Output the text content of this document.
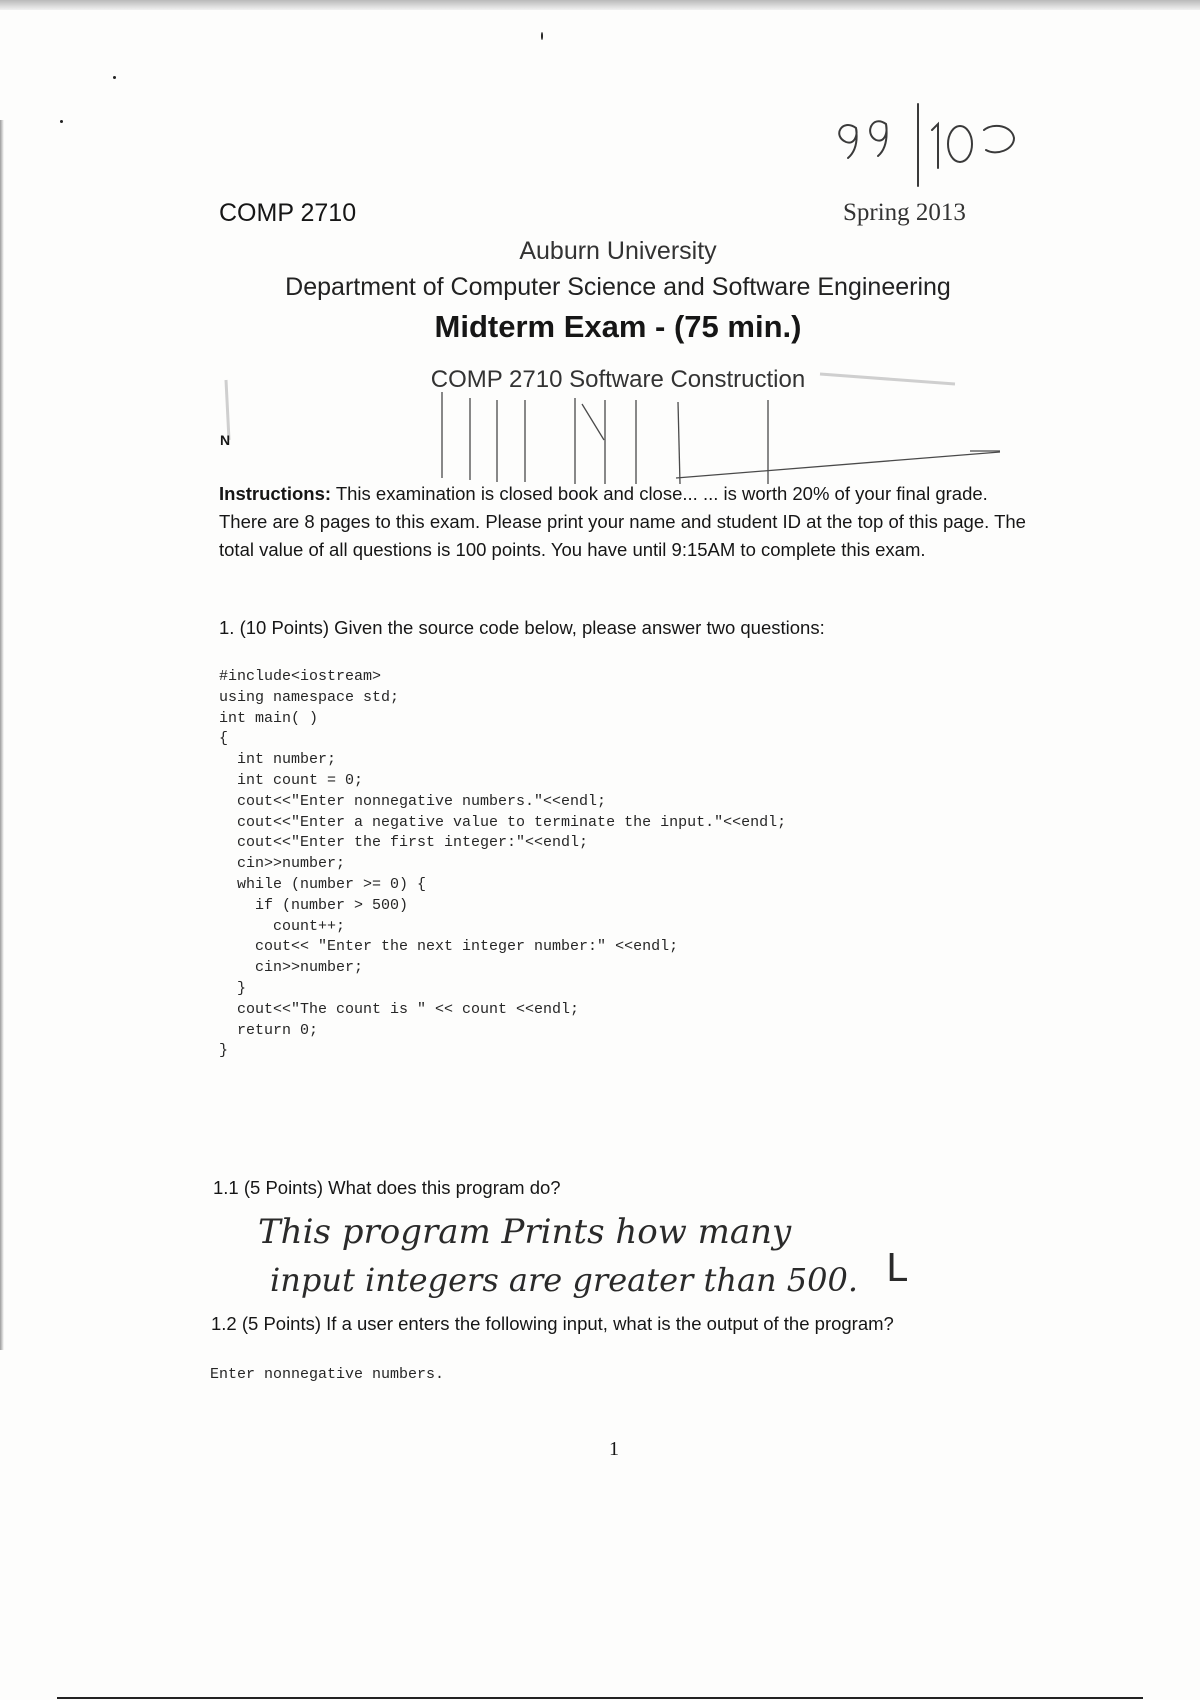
COMP 2710	Spring 2013
Auburn University
Department of Computer Science and Software Engineering
Midterm Exam - (75 min.)
COMP 2710 Software Construction
N
Instructions: This examination is closed book and close... ... is worth 20% of your final grade. There are 8 pages to this exam. Please print your name and student ID at the top of this page. The total value of all questions is 100 points. You have until 9:15AM to complete this exam.
1. (10 Points) Given the source code below, please answer two questions:
#include<iostream>
using namespace std;
int main( )
{
int number;
int count = 0;
cout<<"Enter nonnegative numbers."<<endl;
cout<<"Enter a negative value to terminate the input."<<endl;
cout<<"Enter the first integer:"<<endl;
cin>>number;
while (number >= 0) {
if (number > 500)
count++;
cout<< "Enter the next integer number:" <<endl;
cin>>number;
}
cout<<"The count is " << count <<endl;
return 0;
}
1.1 (5 Points) What does this program do?
This program Prints how many
input integers are greater than 500. L
1.2 (5 Points) If a user enters the following input, what is the output of the program?
Enter nonnegative numbers.
1
